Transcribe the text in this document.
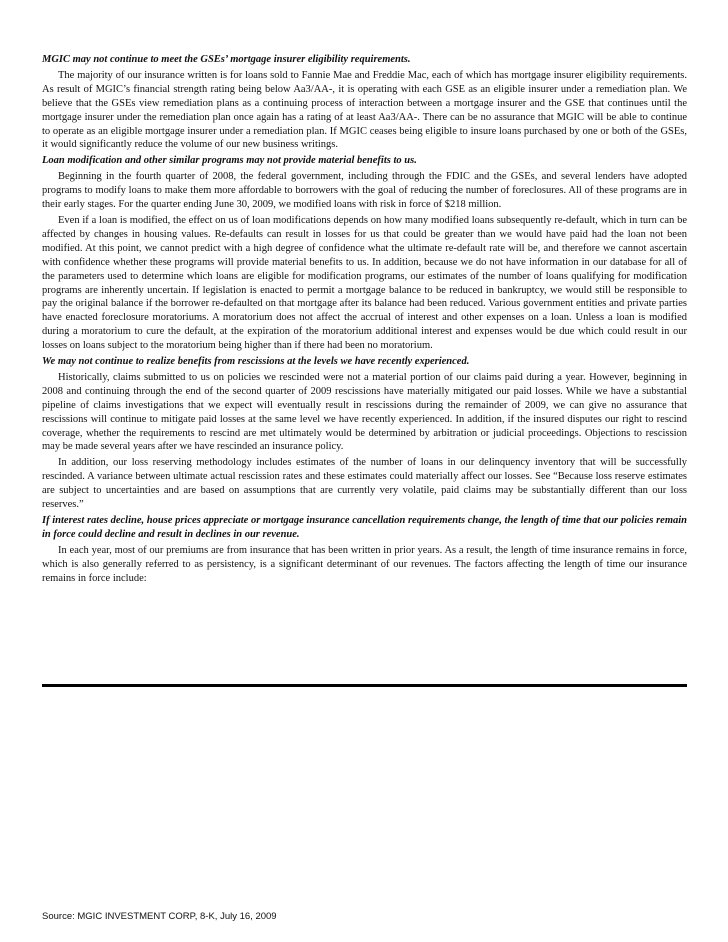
MGIC may not continue to meet the GSEs’ mortgage insurer eligibility requirements.

The majority of our insurance written is for loans sold to Fannie Mae and Freddie Mac, each of which has mortgage insurer eligibility requirements. As result of MGIC’s financial strength rating being below Aa3/AA-, it is operating with each GSE as an eligible insurer under a remediation plan. We believe that the GSEs view remediation plans as a continuing process of interaction between a mortgage insurer and the GSE that continues until the mortgage insurer under the remediation plan once again has a rating of at least Aa3/AA-. There can be no assurance that MGIC will be able to continue to operate as an eligible mortgage insurer under a remediation plan. If MGIC ceases being eligible to insure loans purchased by one or both of the GSEs, it would significantly reduce the volume of our new business writings.

Loan modification and other similar programs may not provide material benefits to us.

Beginning in the fourth quarter of 2008, the federal government, including through the FDIC and the GSEs, and several lenders have adopted programs to modify loans to make them more affordable to borrowers with the goal of reducing the number of foreclosures. All of these programs are in their early stages. For the quarter ending June 30, 2009, we modified loans with risk in force of $218 million.

Even if a loan is modified, the effect on us of loan modifications depends on how many modified loans subsequently re-default, which in turn can be affected by changes in housing values. Re-defaults can result in losses for us that could be greater than we would have paid had the loan not been modified. At this point, we cannot predict with a high degree of confidence what the ultimate re-default rate will be, and therefore we cannot ascertain with confidence whether these programs will provide material benefits to us. In addition, because we do not have information in our database for all of the parameters used to determine which loans are eligible for modification programs, our estimates of the number of loans qualifying for modification programs are inherently uncertain. If legislation is enacted to permit a mortgage balance to be reduced in bankruptcy, we would still be responsible to pay the original balance if the borrower re-defaulted on that mortgage after its balance had been reduced. Various government entities and private parties have enacted foreclosure moratoriums. A moratorium does not affect the accrual of interest and other expenses on a loan. Unless a loan is modified during a moratorium to cure the default, at the expiration of the moratorium additional interest and expenses would be due which could result in our losses on loans subject to the moratorium being higher than if there had been no moratorium.

We may not continue to realize benefits from rescissions at the levels we have recently experienced.

Historically, claims submitted to us on policies we rescinded were not a material portion of our claims paid during a year. However, beginning in 2008 and continuing through the end of the second quarter of 2009 rescissions have materially mitigated our paid losses. While we have a substantial pipeline of claims investigations that we expect will eventually result in rescissions during the remainder of 2009, we can give no assurance that rescissions will continue to mitigate paid losses at the same level we have recently experienced. In addition, if the insured disputes our right to rescind coverage, whether the requirements to rescind are met ultimately would be determined by arbitration or judicial proceedings. Objections to rescission may be made several years after we have rescinded an insurance policy.

In addition, our loss reserving methodology includes estimates of the number of loans in our delinquency inventory that will be successfully rescinded. A variance between ultimate actual rescission rates and these estimates could materially affect our losses. See “Because loss reserve estimates are subject to uncertainties and are based on assumptions that are currently very volatile, paid claims may be substantially different than our loss reserves.”

If interest rates decline, house prices appreciate or mortgage insurance cancellation requirements change, the length of time that our policies remain in force could decline and result in declines in our revenue.

In each year, most of our premiums are from insurance that has been written in prior years. As a result, the length of time insurance remains in force, which is also generally referred to as persistency, is a significant determinant of our revenues. The factors affecting the length of time our insurance remains in force include:

Source: MGIC INVESTMENT CORP, 8-K, July 16, 2009
